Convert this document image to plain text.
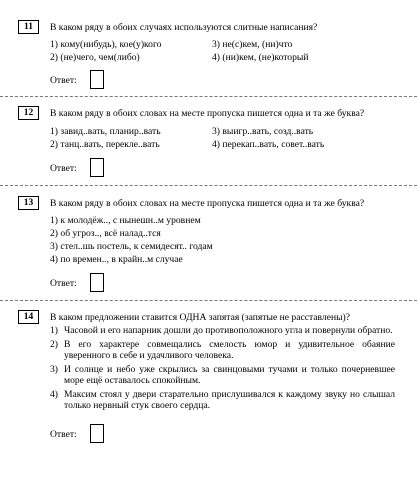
11	В каком ряду в обоих случаях используются слитные написания?
1) кому(нибудь), кое(у)кого
2) (не)чего, чем(либо)
3) не(с)кем, (ни)что
4) (ни)кем, (не)который
Ответ:
12	В каком ряду в обоих словах на месте пропуска пишется одна и та же буква?
1) завид..вать, планир..вать
2) танц..вать, перекле..вать
3) выигр..вать, созд..вать
4) перекап..вать, совет..вать
Ответ:
13	В каком ряду в обоих словах на месте пропуска пишется одна и та же буква?
1) к молодёж.., с нынешн..м уровнем
2) об угроз.., всё налад..тся
3) стел..шь постель, к семидесят.. годам
4) по времен.., в крайн..м случае
Ответ:
14	В каком предложении ставится ОДНА запятая (запятые не расставлены)?
1) Часовой и его напарник дошли до противоположного угла и повернули обратно.
2) В его характере совмещались смелость юмор и удивительное обаяние уверенного в себе и удачливого человека.
3) И солнце и небо уже скрылись за свинцовыми тучами и только почерневшее море ещё оставалось спокойным.
4) Максим стоял у двери старательно прислушивался к каждому звуку но слышал только нервный стук своего сердца.
Ответ:
